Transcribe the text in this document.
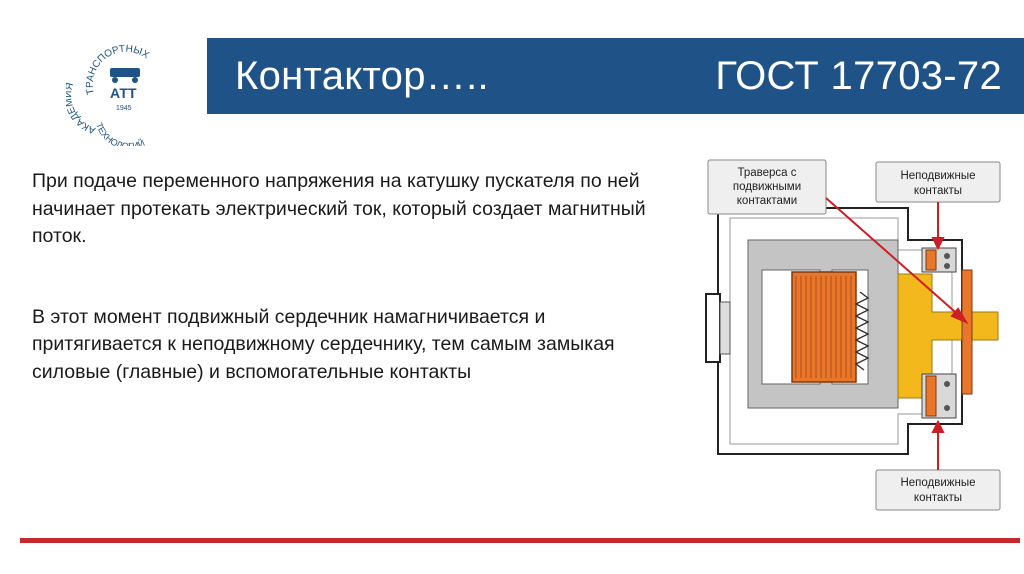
ТРАНСПОРТНЫХ
АКАДЕ
ТЕХНОЛО ИЙ
АТТ
1945
Контактор…..	ГОСТ 17703-72

При подаче переменного напряжения на катушку пускателя по ней начинает протекать электрический ток, который создает магнитный поток.

В этот момент подвижный сердечник намагничивается и притягивается к неподвижному сердечнику, тем самым замыкая силовые (главные) и вспомогательные контакты

Траверса с
подвижными
контактами
Неподвижные
контакты
Неподвижные
контакты
